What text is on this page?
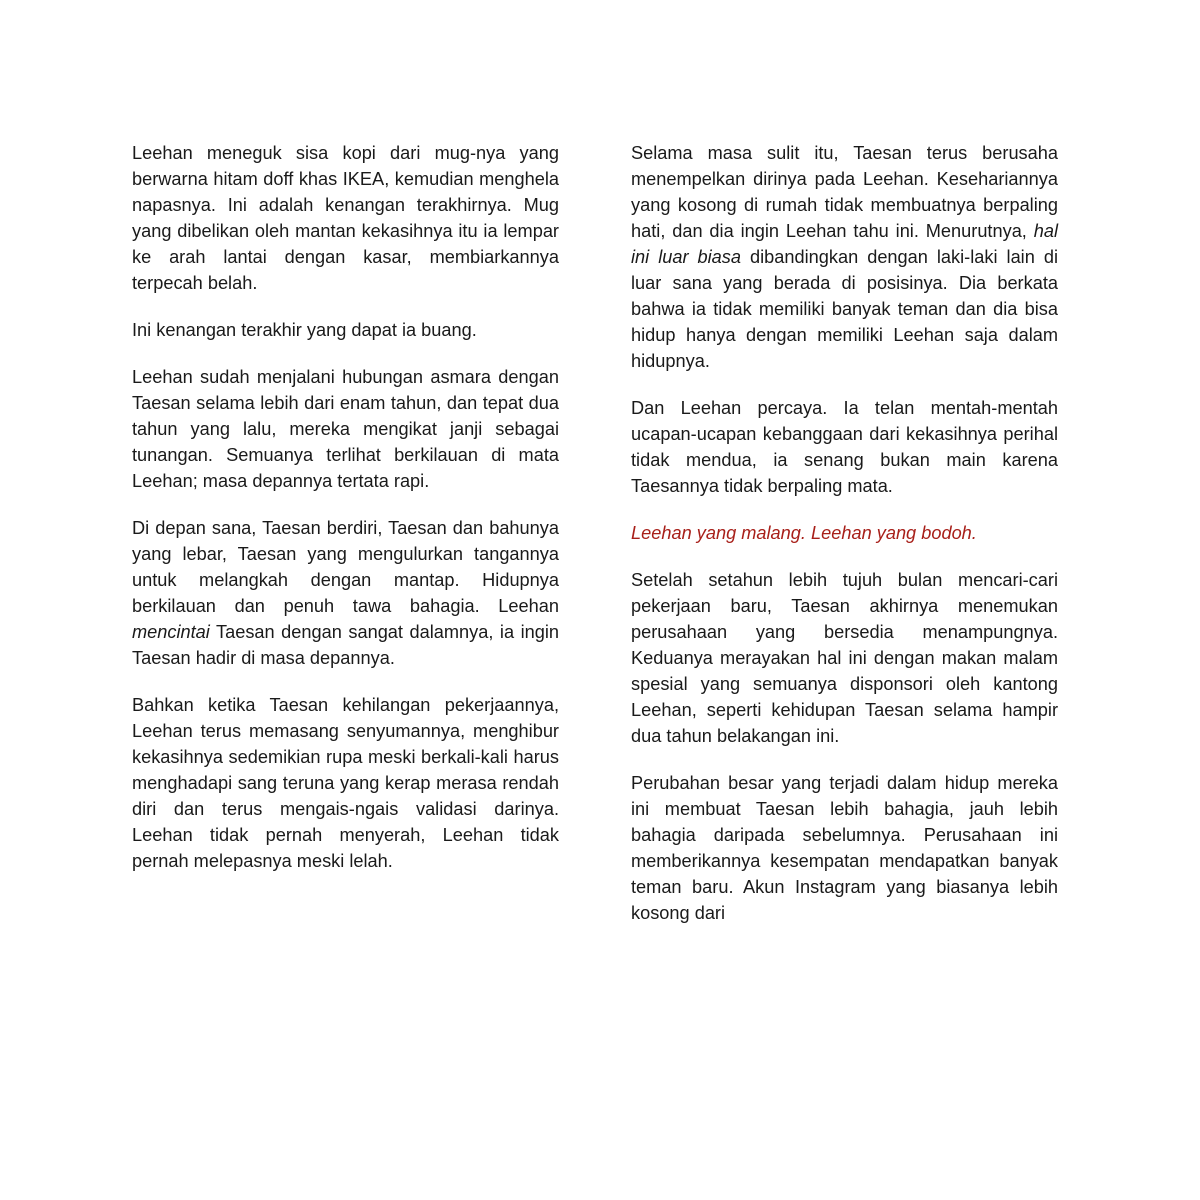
Leehan meneguk sisa kopi dari mug-nya yang berwarna hitam doff khas IKEA, kemudian menghela napasnya. Ini adalah kenangan terakhirnya. Mug yang dibelikan oleh mantan kekasihnya itu ia lempar ke arah lantai dengan kasar, membiarkannya terpecah belah.

Ini kenangan terakhir yang dapat ia buang.

Leehan sudah menjalani hubungan asmara dengan Taesan selama lebih dari enam tahun, dan tepat dua tahun yang lalu, mereka mengikat janji sebagai tunangan. Semuanya terlihat berkilauan di mata Leehan; masa depannya tertata rapi.

Di depan sana, Taesan berdiri, Taesan dan bahunya yang lebar, Taesan yang mengulurkan tangannya untuk melangkah dengan mantap. Hidupnya berkilauan dan penuh tawa bahagia. Leehan mencintai Taesan dengan sangat dalamnya, ia ingin Taesan hadir di masa depannya.

Bahkan ketika Taesan kehilangan pekerjaannya, Leehan terus memasang senyumannya, menghibur kekasihnya sedemikian rupa meski berkali-kali harus menghadapi sang teruna yang kerap merasa rendah diri dan terus mengais-ngais validasi darinya. Leehan tidak pernah menyerah, Leehan tidak pernah melepasnya meski lelah.

Selama masa sulit itu, Taesan terus berusaha menempelkan dirinya pada Leehan. Kesehariannya yang kosong di rumah tidak membuatnya berpaling hati, dan dia ingin Leehan tahu ini. Menurutnya, hal ini luar biasa dibandingkan dengan laki-laki lain di luar sana yang berada di posisinya. Dia berkata bahwa ia tidak memiliki banyak teman dan dia bisa hidup hanya dengan memiliki Leehan saja dalam hidupnya.

Dan Leehan percaya. Ia telan mentah-mentah ucapan-ucapan kebanggaan dari kekasihnya perihal tidak mendua, ia senang bukan main karena Taesannya tidak berpaling mata.

Leehan yang malang. Leehan yang bodoh.

Setelah setahun lebih tujuh bulan mencari-cari pekerjaan baru, Taesan akhirnya menemukan perusahaan yang bersedia menampungnya. Keduanya merayakan hal ini dengan makan malam spesial yang semuanya disponsori oleh kantong Leehan, seperti kehidupan Taesan selama hampir dua tahun belakangan ini.

Perubahan besar yang terjadi dalam hidup mereka ini membuat Taesan lebih bahagia, jauh lebih bahagia daripada sebelumnya. Perusahaan ini memberikannya kesempatan mendapatkan banyak teman baru. Akun Instagram yang biasanya lebih kosong dari
